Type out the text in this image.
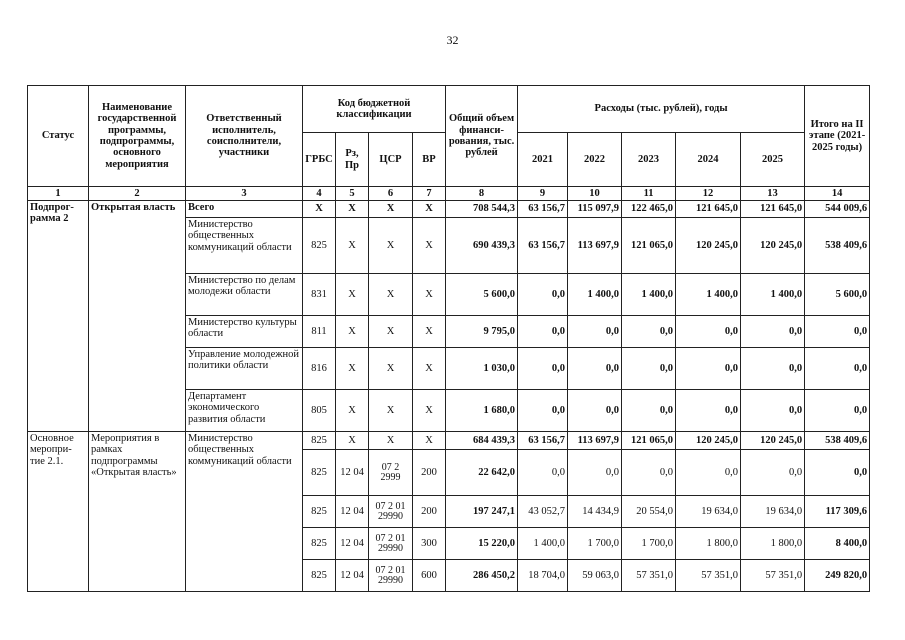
32
Статус	Наименование государственной программы, подпрограммы, основного мероприятия	Ответственный исполнитель, соисполнители, участники	Код бюджетной классификации				Общий объем финанси-рования, тыс. рублей	Расходы (тыс. рублей), годы					Итого на II этапе (2021-2025 годы)
			ГРБС	Рз, Пр	ЦСР	ВР		2021	2022	2023	2024	2025	
1	2	3	4	5	6	7	8	9	10	11	12	13	14
Подпрог-рамма 2	Открытая власть	Всего	Х	Х	Х	Х	708 544,3	63 156,7	115 097,9	122 465,0	121 645,0	121 645,0	544 009,6
		Министерство общественных коммуникаций области	825	Х	Х	Х	690 439,3	63 156,7	113 697,9	121 065,0	120 245,0	120 245,0	538 409,6
		Министерство по делам молодежи области	831	Х	Х	Х	5 600,0	0,0	1 400,0	1 400,0	1 400,0	1 400,0	5 600,0
		Министерство культуры области	811	Х	Х	Х	9 795,0	0,0	0,0	0,0	0,0	0,0	0,0
		Управление молодежной политики области	816	Х	Х	Х	1 030,0	0,0	0,0	0,0	0,0	0,0	0,0
		Департамент экономического развития области	805	Х	Х	Х	1 680,0	0,0	0,0	0,0	0,0	0,0	0,0
Основное меропри-тие 2.1.	Мероприятия в рамках подпрограммы «Открытая власть»	Министерство общественных коммуникаций области	825	Х	Х	Х	684 439,3	63 156,7	113 697,9	121 065,0	120 245,0	120 245,0	538 409,6
			825	12 04	07 2 2999	200	22 642,0	0,0	0,0	0,0	0,0	0,0	0,0
			825	12 04	07 2 01 29990	200	197 247,1	43 052,7	14 434,9	20 554,0	19 634,0	19 634,0	117 309,6
			825	12 04	07 2 01 29990	300	15 220,0	1 400,0	1 700,0	1 700,0	1 800,0	1 800,0	8 400,0
			825	12 04	07 2 01 29990	600	286 450,2	18 704,0	59 063,0	57 351,0	57 351,0	57 351,0	249 820,0
